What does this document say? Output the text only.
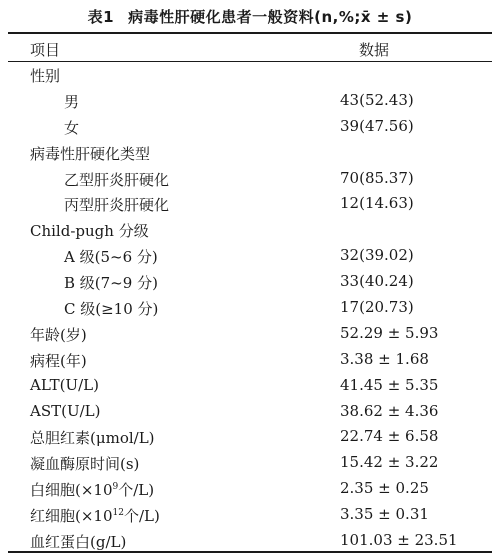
表1 病毒性肝硬化患者一般资料(n,%;x̄ ± s)
项目	数据
性别
男	43(52.43)
女	39(47.56)
病毒性肝硬化类型
乙型肝炎肝硬化	70(85.37)
丙型肝炎肝硬化	12(14.63)
Child-pugh 分级
A 级(5~6 分)	32(39.02)
B 级(7~9 分)	33(40.24)
C 级(≥10 分)	17(20.73)
年龄(岁)	52.29 ± 5.93
病程(年)	3.38 ± 1.68
ALT(U/L)	41.45 ± 5.35
AST(U/L)	38.62 ± 4.36
总胆红素(μmol/L)	22.74 ± 6.58
凝血酶原时间(s)	15.42 ± 3.22
白细胞($\times 10^9$个/L)	2.35 ± 0.25
红细胞($\times 10^{12}$个/L)	3.35 ± 0.31
血红蛋白(g/L)	101.03 ± 23.51
